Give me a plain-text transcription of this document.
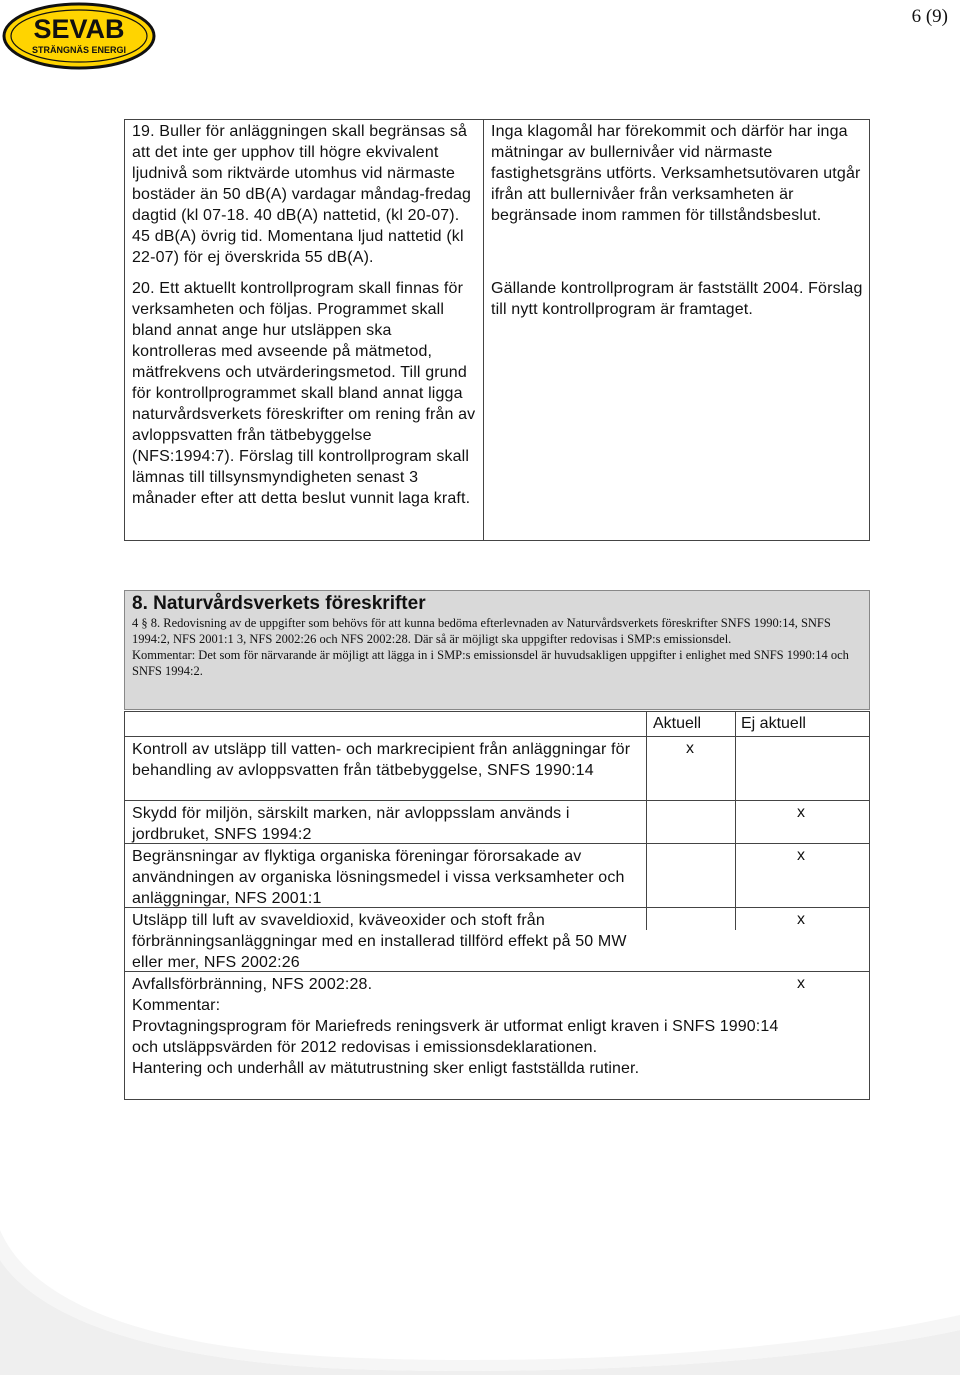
SEVAB
STRÄNGNÄS ENERGI
6 (9)

19. Buller för anläggningen skall begränsas så att det inte ger upphov till högre ekvivalent ljudnivå som riktvärde utomhus vid närmaste bostäder än 50 dB(A) vardagar måndag-fredag dagtid (kl 07-18. 40 dB(A) nattetid, (kl 20-07). 45 dB(A) övrig tid. Momentana ljud nattetid (kl 22-07) för ej överskrida 55 dB(A).

20. Ett aktuellt kontrollprogram skall finnas för verksamheten och följas. Programmet skall bland annat ange hur utsläppen ska kontrolleras med avseende på mätmetod, mätfrekvens och utvärderingsmetod. Till grund för kontrollprogrammet skall bland annat ligga naturvårdsverkets föreskrifter om rening från av avloppsvatten från tätbebyggelse (NFS:1994:7). Förslag till kontrollprogram skall lämnas till tillsynsmyndigheten senast 3 månader efter att detta beslut vunnit laga kraft.

Inga klagomål har förekommit och därför har inga mätningar av bullernivåer vid närmaste fastighetsgräns utförts. Verksamhetsutövaren utgår ifrån att bullernivåer från verksamheten är begränsade inom rammen för tillståndsbeslut.

Gällande kontrollprogram är fastställt 2004. Förslag till nytt kontrollprogram är framtaget.

8. Naturvårdsverkets föreskrifter

4 § 8. Redovisning av de uppgifter som behövs för att kunna bedöma efterlevnaden av Naturvårdsverkets föreskrifter SNFS 1990:14, SNFS 1994:2, NFS 2001:1 3, NFS 2002:26 och NFS 2002:28. Där så är möjligt ska uppgifter redovisas i SMP:s emissionsdel.

Kommentar: Det som för närvarande är möjligt att lägga in i SMP:s emissionsdel är huvudsakligen uppgifter i enlighet med SNFS 1990:14 och SNFS 1994:2.

Aktuell Ej aktuell
Kontroll av utsläpp till vatten- och markrecipient från anläggningar för behandling av avloppsvatten från tätbebyggelse, SNFS 1990:14
x
Skydd för miljön, särskilt marken, när avloppsslam används i jordbruket, SNFS 1994:2
x
Begränsningar av flyktiga organiska föreningar förorsakade av användningen av organiska lösningsmedel i vissa verksamheter och anläggningar, NFS 2001:1
x
Utsläpp till luft av svaveldioxid, kväveoxider och stoft från förbränningsanläggningar med en installerad tillförd effekt på 50 MW eller mer, NFS 2002:26
x
Avfallsförbränning, NFS 2002:28.	x
Kommentar:
Provtagningsprogram för Mariefreds reningsverk är utformat enligt kraven i SNFS 1990:14
och utsläppsvärden för 2012 redovisas i emissionsdeklarationen.
Hantering och underhåll av mätutrustning sker enligt fastställda rutiner.
